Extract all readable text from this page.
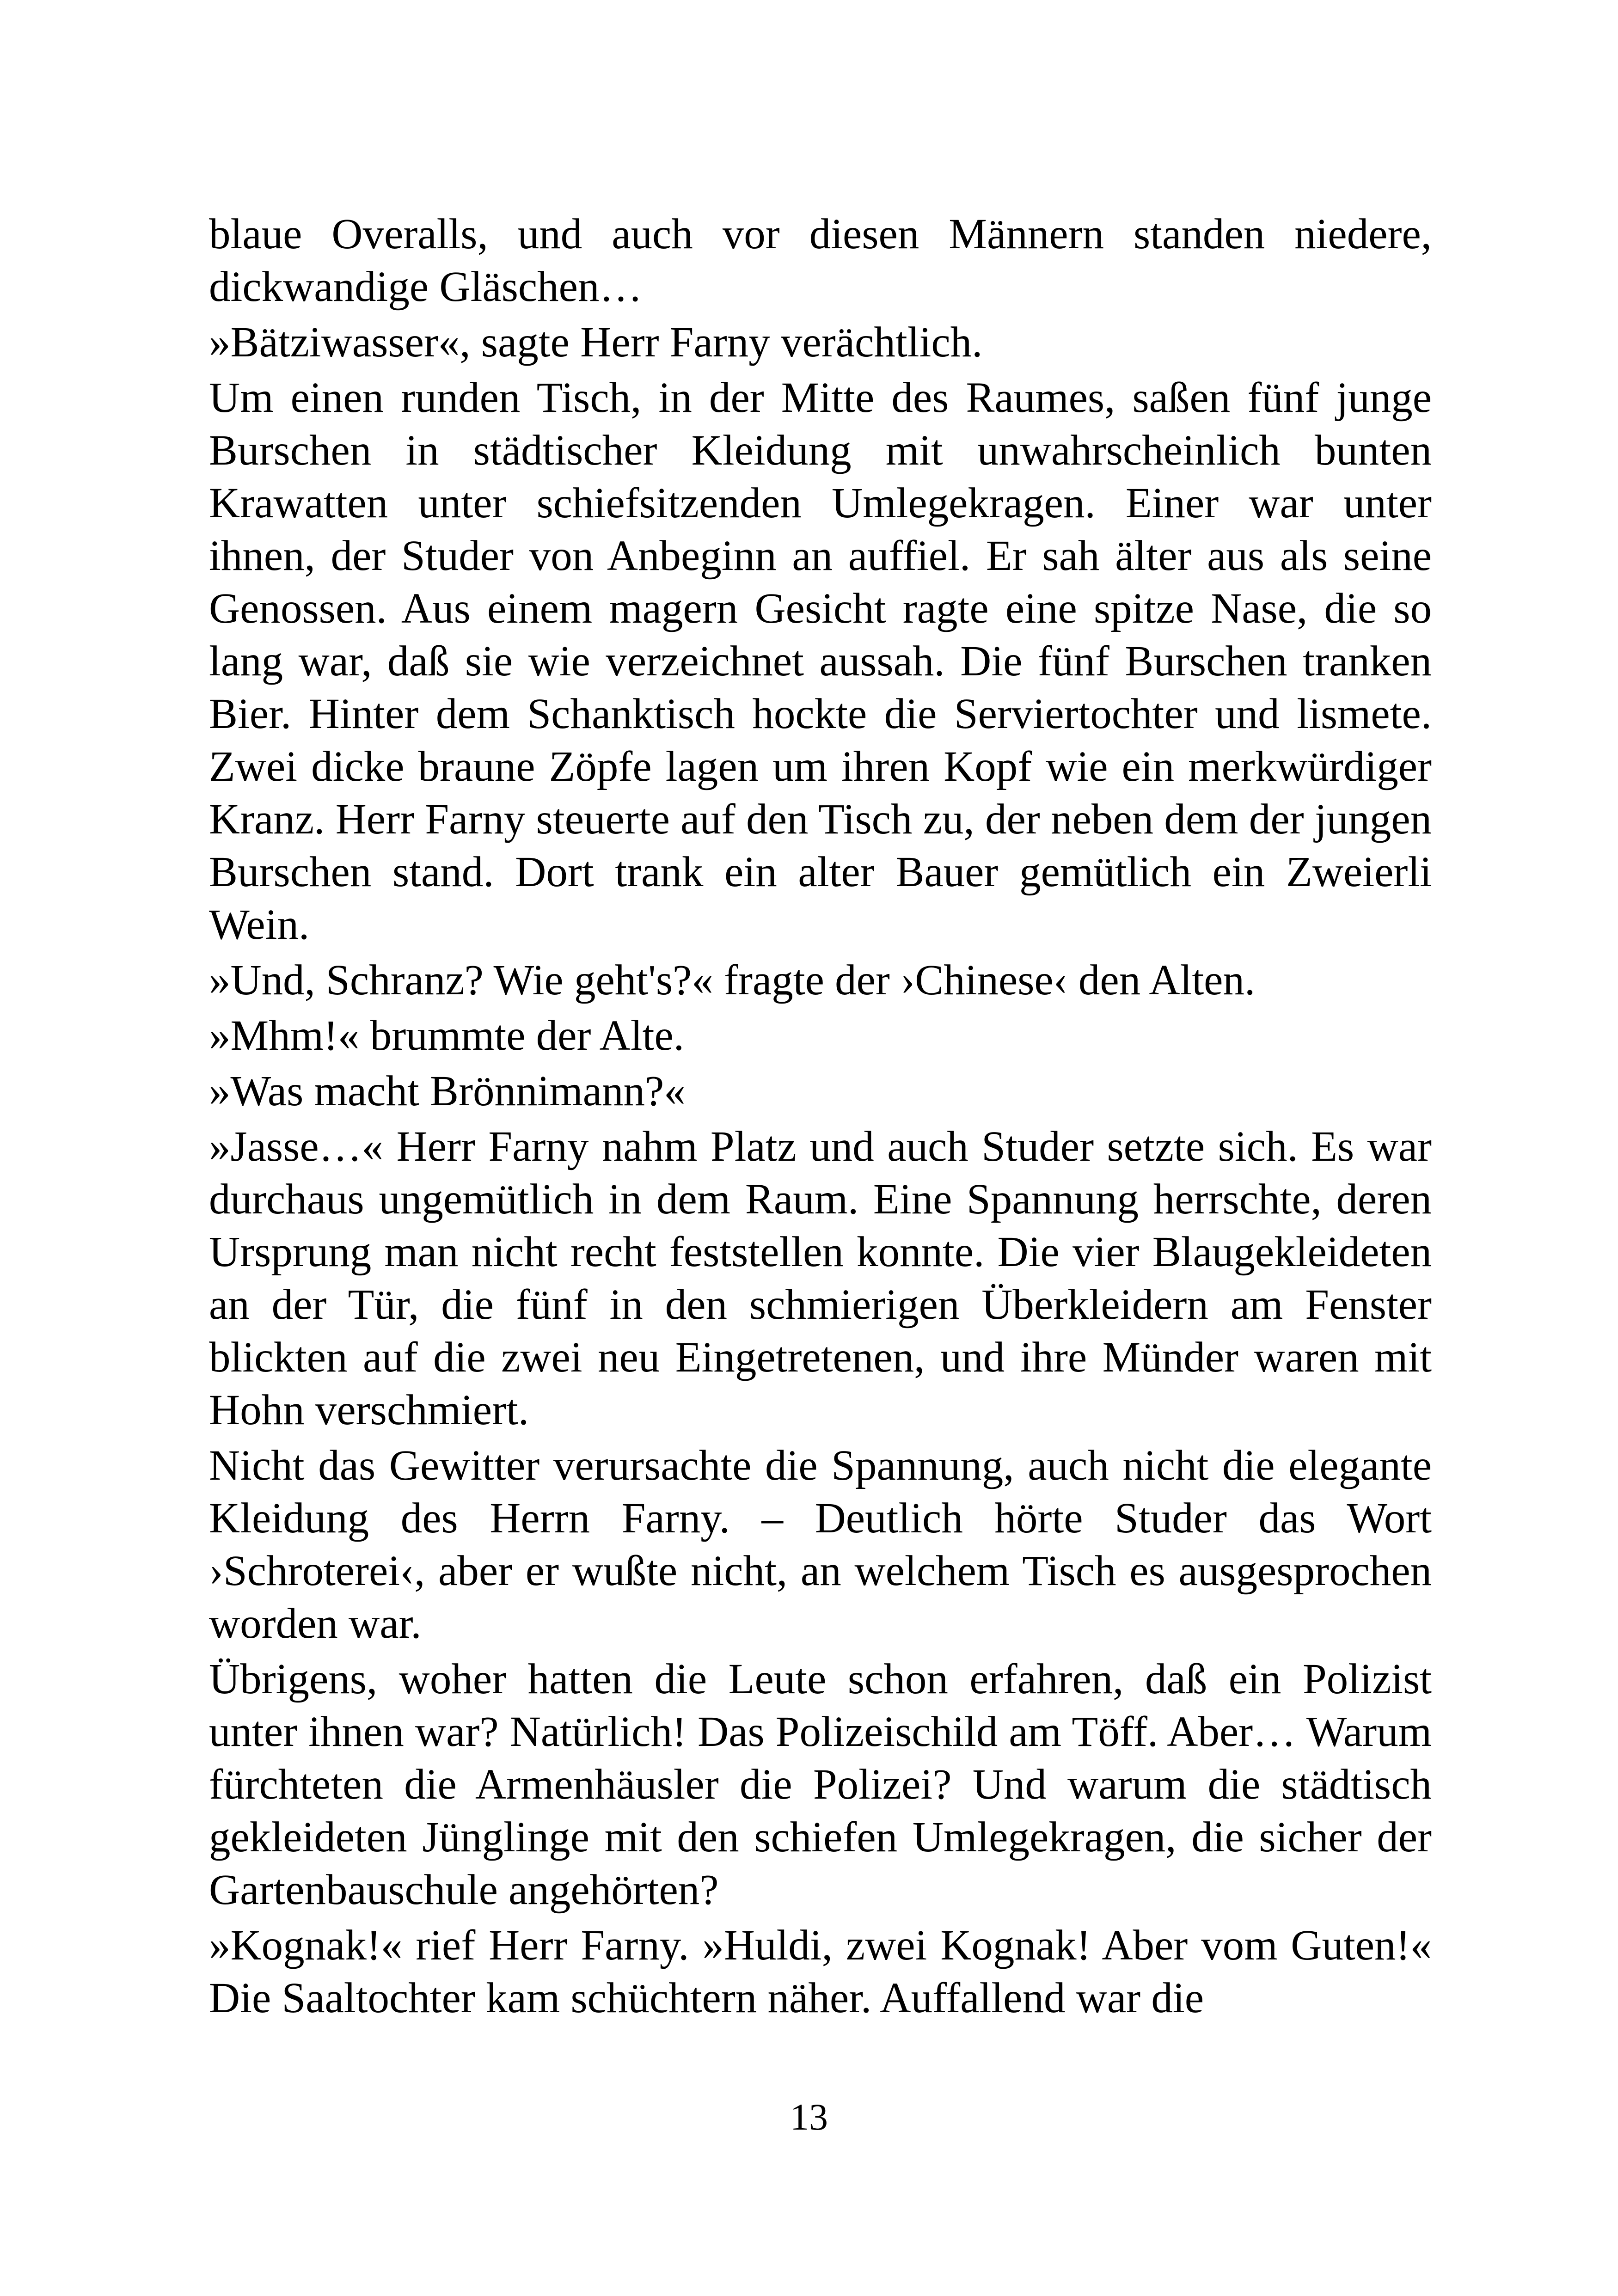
blaue Overalls, und auch vor diesen Männern standen niedere, dickwandige Gläschen…

»Bätziwasser«, sagte Herr Farny verächtlich.

Um einen runden Tisch, in der Mitte des Raumes, saßen fünf junge Burschen in städtischer Kleidung mit unwahrscheinlich bunten Krawatten unter schiefsitzenden Umlegekragen. Einer war unter ihnen, der Studer von Anbeginn an auffiel. Er sah älter aus als seine Genossen. Aus einem magern Gesicht ragte eine spitze Nase, die so lang war, daß sie wie verzeichnet aussah. Die fünf Burschen tranken Bier. Hinter dem Schanktisch hockte die Serviertochter und lismete. Zwei dicke braune Zöpfe lagen um ihren Kopf wie ein merkwürdiger Kranz. Herr Farny steuerte auf den Tisch zu, der neben dem der jungen Burschen stand. Dort trank ein alter Bauer gemütlich ein Zweierli Wein.

»Und, Schranz? Wie geht's?« fragte der ›Chinese‹ den Alten.

»Mhm!« brummte der Alte.

»Was macht Brönnimann?«

»Jasse…« Herr Farny nahm Platz und auch Studer setzte sich. Es war durchaus ungemütlich in dem Raum. Eine Spannung herrschte, deren Ursprung man nicht recht feststellen konnte. Die vier Blaugekleideten an der Tür, die fünf in den schmierigen Überkleidern am Fenster blickten auf die zwei neu Eingetretenen, und ihre Münder waren mit Hohn verschmiert.

Nicht das Gewitter verursachte die Spannung, auch nicht die elegante Kleidung des Herrn Farny. – Deutlich hörte Studer das Wort ›Schroterei‹, aber er wußte nicht, an welchem Tisch es ausgesprochen worden war.

Übrigens, woher hatten die Leute schon erfahren, daß ein Polizist unter ihnen war? Natürlich! Das Polizeischild am Töff. Aber… Warum fürchteten die Armenhäusler die Polizei? Und warum die städtisch gekleideten Jünglinge mit den schiefen Umlegekragen, die sicher der Gartenbauschule angehörten?

»Kognak!« rief Herr Farny. »Huldi, zwei Kognak! Aber vom Guten!« Die Saaltochter kam schüchtern näher. Auffallend war die

13
